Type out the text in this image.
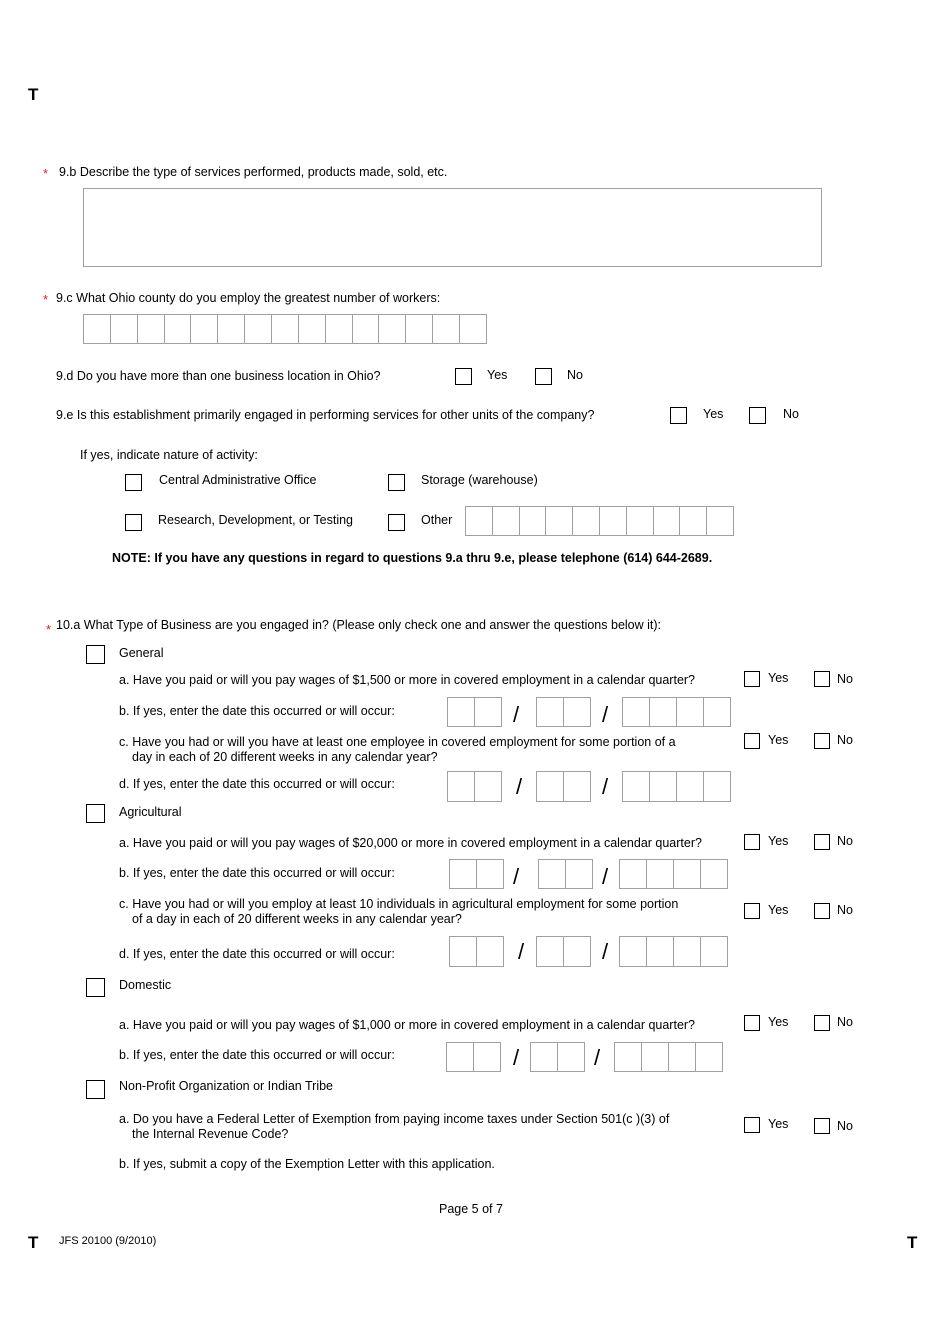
T
* 9.b Describe the type of services performed, products made, sold, etc.
* 9.c What Ohio county do you employ the greatest number of workers:
9.d Do you have more than one business location in Ohio?	Yes	No
9.e Is this establishment primarily engaged in performing services for other units of the company?	Yes	No
If yes, indicate nature of activity:
Central Administrative Office	Storage (warehouse)
Research, Development, or Testing	Other
NOTE: If you have any questions in regard to questions 9.a thru 9.e, please telephone (614) 644-2689.
* 10.a What Type of Business are you engaged in? (Please only check one and answer the questions below it):
General
a. Have you paid or will you pay wages of $1,500 or more in covered employment in a calendar quarter?	Yes	No
b. If yes, enter the date this occurred or will occur:	/	/
c. Have you had or will you have at least one employee in covered employment for some portion of a
day in each of 20 different weeks in any calendar year?
Yes	No
d. If yes, enter the date this occurred or will occur:	/	/
Agricultural
a. Have you paid or will you pay wages of $20,000 or more in covered employment in a calendar quarter?	Yes	No
b. If yes, enter the date this occurred or will occur:	/	/
c. Have you had or will you employ at least 10 individuals in agricultural employment for some portion
of a day in each of 20 different weeks in any calendar year?
Yes	No
d. If yes, enter the date this occurred or will occur:	/	/
Domestic
a. Have you paid or will you pay wages of $1,000 or more in covered employment in a calendar quarter?	Yes	No
b. If yes, enter the date this occurred or will occur:	/	/
Non-Profit Organization or Indian Tribe
a. Do you have a Federal Letter of Exemption from paying income taxes under Section 501(c )(3) of
the Internal Revenue Code?
Yes	No
b. If yes, submit a copy of the Exemption Letter with this application.
Page 5 of 7
T JFS 20100 (9/2010)	T
